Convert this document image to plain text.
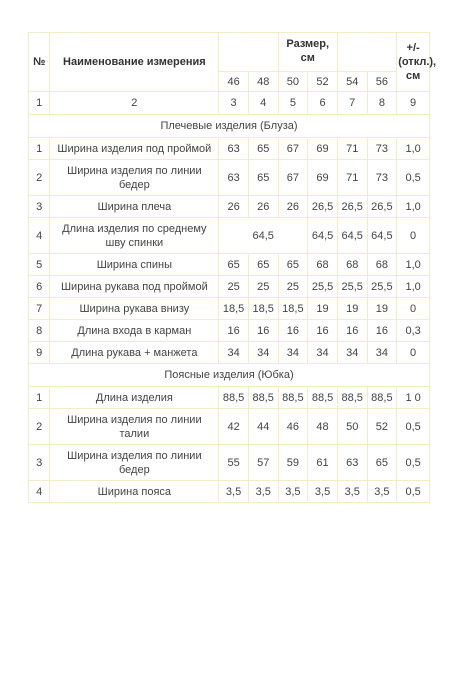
№	Наименование измерения			Размер, см				+/- (откл.), см
		46	48	50	52	54	56	
1	2	3	4	5	6	7	8	9
Плечевые изделия (Блуза)								
1	Ширина изделия под проймой	63	65	67	69	71	73	1,0
2	Ширина изделия по линии бедер	63	65	67	69	71	73	0,5
3	Ширина плеча	26	26	26	26,5	26,5	26,5	1,0
4	Длина изделия по среднему шву спинки	64,5			64,5	64,5	64,5	0
5	Ширина спины	65	65	65	68	68	68	1,0
6	Ширина рукава под проймой	25	25	25	25,5	25,5	25,5	1,0
7	Ширина рукава внизу	18,5	18,5	18,5	19	19	19	0
8	Длина входа в карман	16	16	16	16	16	16	0,3
9	Длина рукава + манжета	34	34	34	34	34	34	0
Поясные изделия (Юбка)								
1	Длина изделия	88,5	88,5	88,5	88,5	88,5	88,5	1 0
2	Ширина изделия по линии талии	42	44	46	48	50	52	0,5
3	Ширина изделия по линии бедер	55	57	59	61	63	65	0,5
4	Ширина пояса	3,5	3,5	3,5	3,5	3,5	3,5	0,5
